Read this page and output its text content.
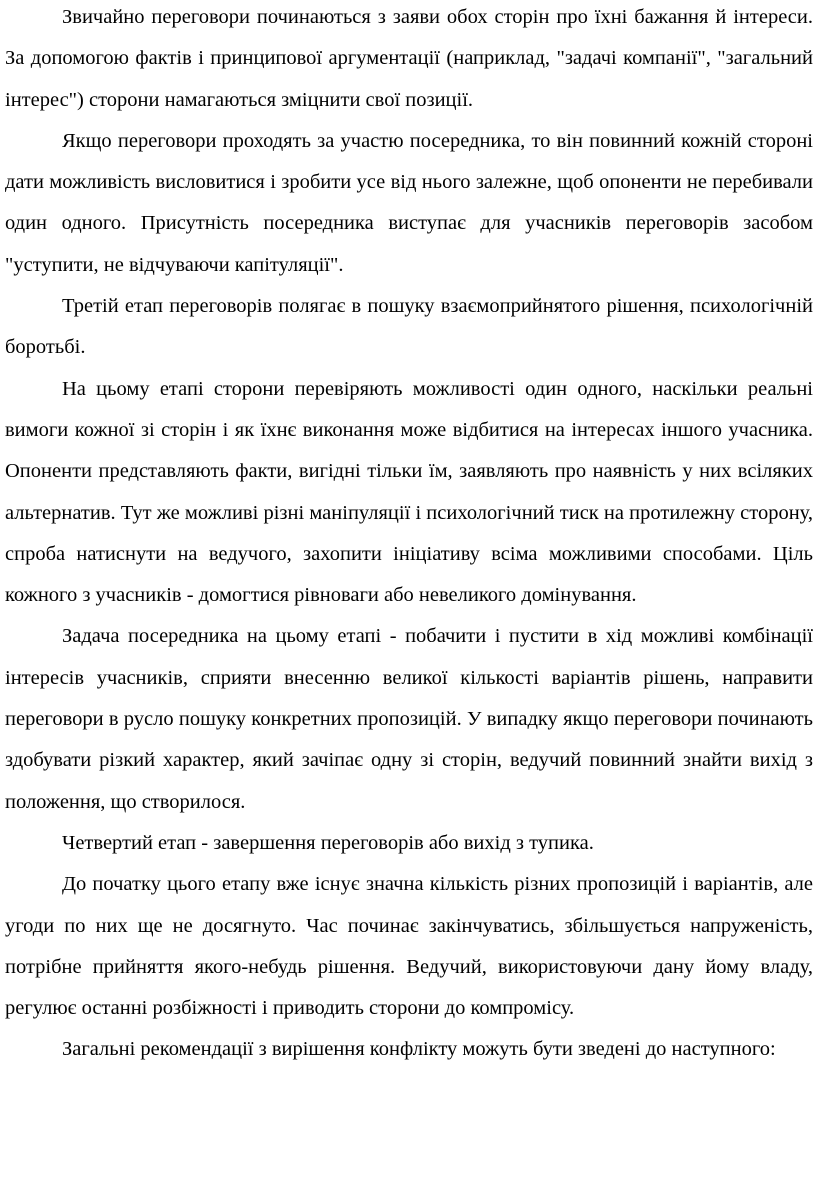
Звичайно переговори починаються з заяви обох сторін про їхні бажання й інтереси. За допомогою фактів і принципової аргументації (наприклад, "задачі компанії", "загальний інтерес") сторони намагаються зміцнити свої позиції.

Якщо переговори проходять за участю посередника, то він повинний кожній стороні дати можливість висловитися і зробити усе від нього залежне, щоб опоненти не перебивали один одного. Присутність посередника виступає для учасників переговорів засобом "уступити, не відчуваючи капітуляції".

Третій етап переговорів полягає в пошуку взаємоприйнятого рішення, психологічній боротьбі.

На цьому етапі сторони перевіряють можливості один одного, наскільки реальні вимоги кожної зі сторін і як їхнє виконання може відбитися на інтересах іншого учасника. Опоненти представляють факти, вигідні тільки їм, заявляють про наявність у них всіляких альтернатив. Тут же можливі різні маніпуляції і психологічний тиск на протилежну сторону, спроба натиснути на ведучого, захопити ініціативу всіма можливими способами. Ціль кожного з учасників - домогтися рівноваги або невеликого домінування.

Задача посередника на цьому етапі - побачити і пустити в хід можливі комбінації інтересів учасників, сприяти внесенню великої кількості варіантів рішень, направити переговори в русло пошуку конкретних пропозицій. У випадку якщо переговори починають здобувати різкий характер, який зачіпає одну зі сторін, ведучий повинний знайти вихід з положення, що створилося.

Четвертий етап - завершення переговорів або вихід з тупика.

До початку цього етапу вже існує значна кількість різних пропозицій і варіантів, але угоди по них ще не досягнуто. Час починає закінчуватись, збільшується напруженість, потрібне прийняття якого-небудь рішення. Ведучий, використовуючи дану йому владу, регулює останні розбіжності і приводить сторони до компромісу.

Загальні рекомендації з вирішення конфлікту можуть бути зведені до наступного:
